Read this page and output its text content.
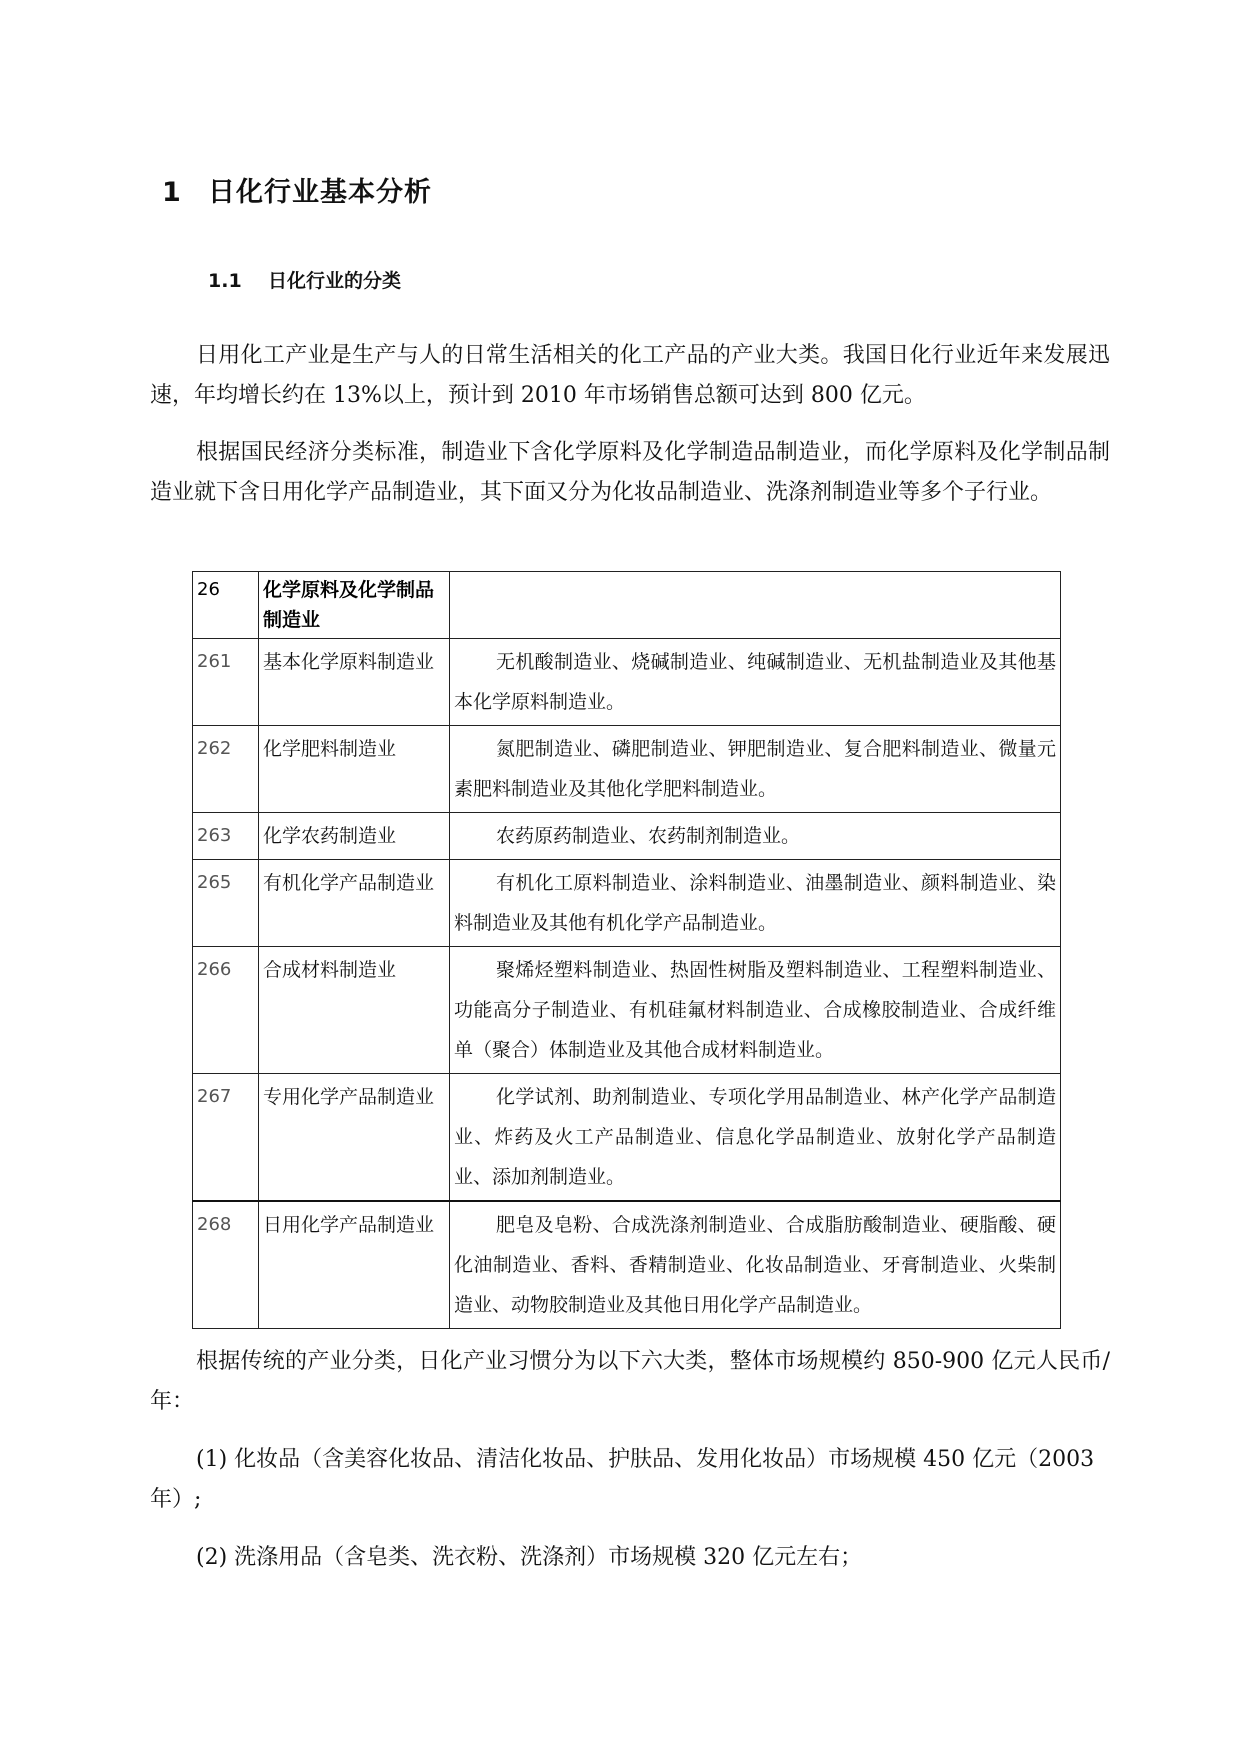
1 日化行业基本分析
1.1 日化行业的分类
日用化工产业是生产与人的日常生活相关的化工产品的产业大类。我国日化行业近年来发展迅速，年均增长约在 13%以上，预计到 2010 年市场销售总额可达到 800 亿元。
根据国民经济分类标准，制造业下含化学原料及化学制造品制造业，而化学原料及化学制品制造业就下含日用化学产品制造业，其下面又分为化妆品制造业、洗涤剂制造业等多个子行业。
26	化学原料及化学制品制造业	
261	基本化学原料制造业	无机酸制造业、烧碱制造业、纯碱制造业、无机盐制造业及其他基本化学原料制造业。
262	化学肥料制造业	氮肥制造业、磷肥制造业、钾肥制造业、复合肥料制造业、微量元素肥料制造业及其他化学肥料制造业。
263	化学农药制造业	农药原药制造业、农药制剂制造业。
265	有机化学产品制造业	有机化工原料制造业、涂料制造业、油墨制造业、颜料制造业、染料制造业及其他有机化学产品制造业。
266	合成材料制造业	聚烯烃塑料制造业、热固性树脂及塑料制造业、工程塑料制造业、功能高分子制造业、有机硅氟材料制造业、合成橡胶制造业、合成纤维单（聚合）体制造业及其他合成材料制造业。
267	专用化学产品制造业	化学试剂、助剂制造业、专项化学用品制造业、林产化学产品制造业、炸药及火工产品制造业、信息化学品制造业、放射化学产品制造业、添加剂制造业。
268	日用化学产品制造业	肥皂及皂粉、合成洗涤剂制造业、合成脂肪酸制造业、硬脂酸、硬化油制造业、香料、香精制造业、化妆品制造业、牙膏制造业、火柴制造业、动物胶制造业及其他日用化学产品制造业。
根据传统的产业分类，日化产业习惯分为以下六大类，整体市场规模约 850-900 亿元人民币/年：
(1) 化妆品（含美容化妆品、清洁化妆品、护肤品、发用化妆品）市场规模 450 亿元（2003 年）;
(2) 洗涤用品（含皂类、洗衣粉、洗涤剂）市场规模 320 亿元左右；
